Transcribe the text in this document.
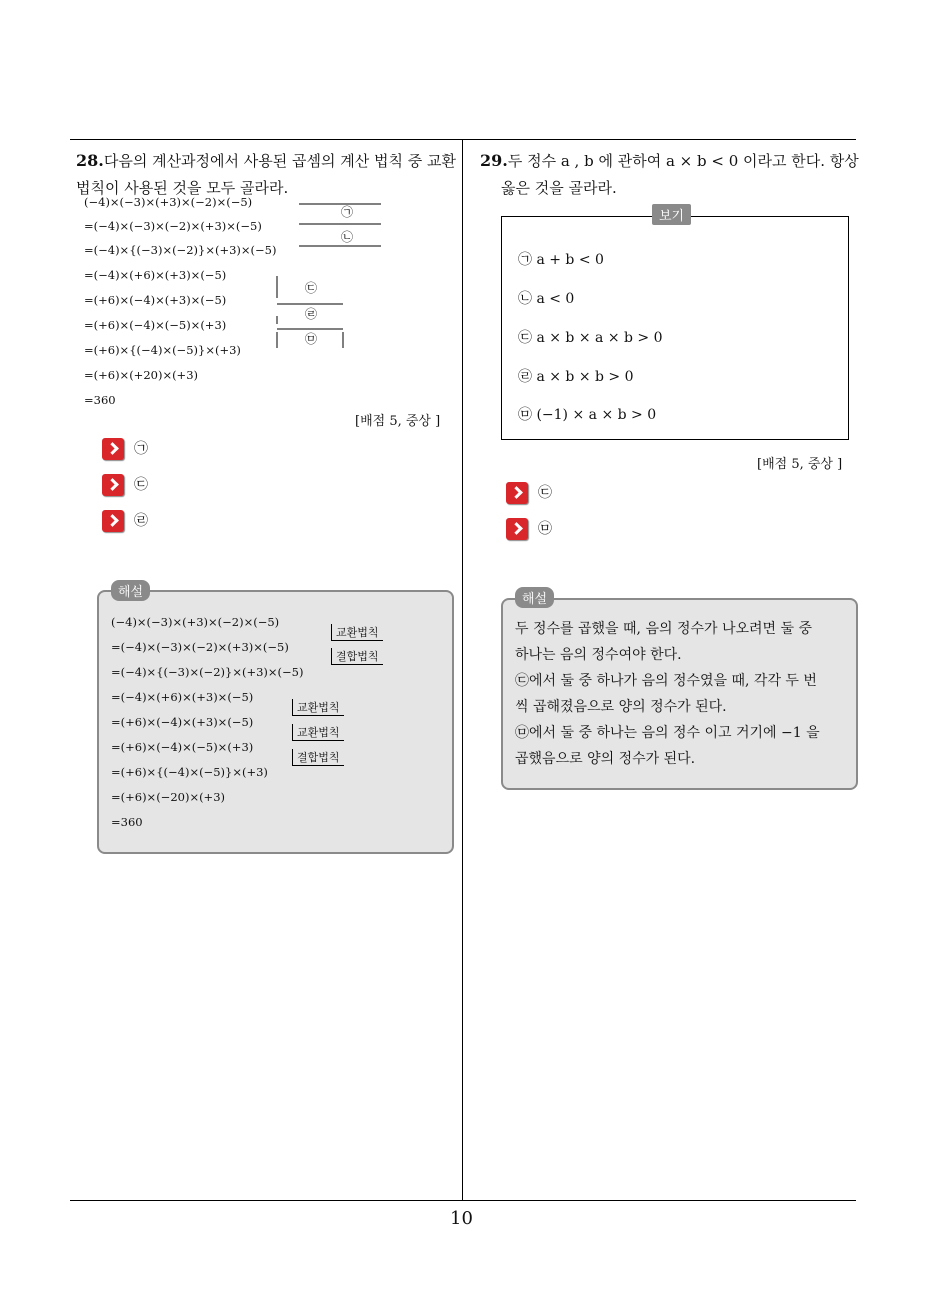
28.다음의 계산과정에서 사용된 곱셈의 계산 법칙 중 교환법칙이 사용된 것을 모두 골라라.
(−4)×(−3)×(+3)×(−2)×(−5)
=(−4)×(−3)×(−2)×(+3)×(−5)
=(−4)×{(−3)×(−2)}×(+3)×(−5)
=(−4)×(+6)×(+3)×(−5)
=(+6)×(−4)×(+3)×(−5)
=(+6)×(−4)×(−5)×(+3)
=(+6)×{(−4)×(−5)}×(+3)
=(+6)×(+20)×(+3)
=360
㉠
㉡
㉢
㉣
㉤
[배점 5, 중상 ]
㉠
㉢
㉣
(−4)×(−3)×(+3)×(−2)×(−5)
=(−4)×(−3)×(−2)×(+3)×(−5)
=(−4)×{(−3)×(−2)}×(+3)×(−5)
=(−4)×(+6)×(+3)×(−5)
=(+6)×(−4)×(+3)×(−5)
=(+6)×(−4)×(−5)×(+3)
=(+6)×{(−4)×(−5)}×(+3)
=(+6)×(−20)×(+3)
=360
교환법칙
결합법칙
교환법칙
교환법칙
결합법칙
해설
29.두 정수 a , b 에 관하여 a × b < 0 이라고 한다. 항상
옳은 것을 골라라.
㉠ a + b < 0
㉡ a < 0
㉢ a × b × a × b > 0
㉣ a × b × b > 0
㉤ (−1) × a × b > 0
보기
[배점 5, 중상 ]
㉢
㉤
두 정수를 곱했을 때, 음의 정수가 나오려면 둘 중
하나는 음의 정수여야 한다.
㉢에서 둘 중 하나가 음의 정수였을 때, 각각 두 번
씩 곱해졌음으로 양의 정수가 된다.
㉤에서 둘 중 하나는 음의 정수 이고 거기에 −1 을
곱했음으로 양의 정수가 된다.
해설
10
